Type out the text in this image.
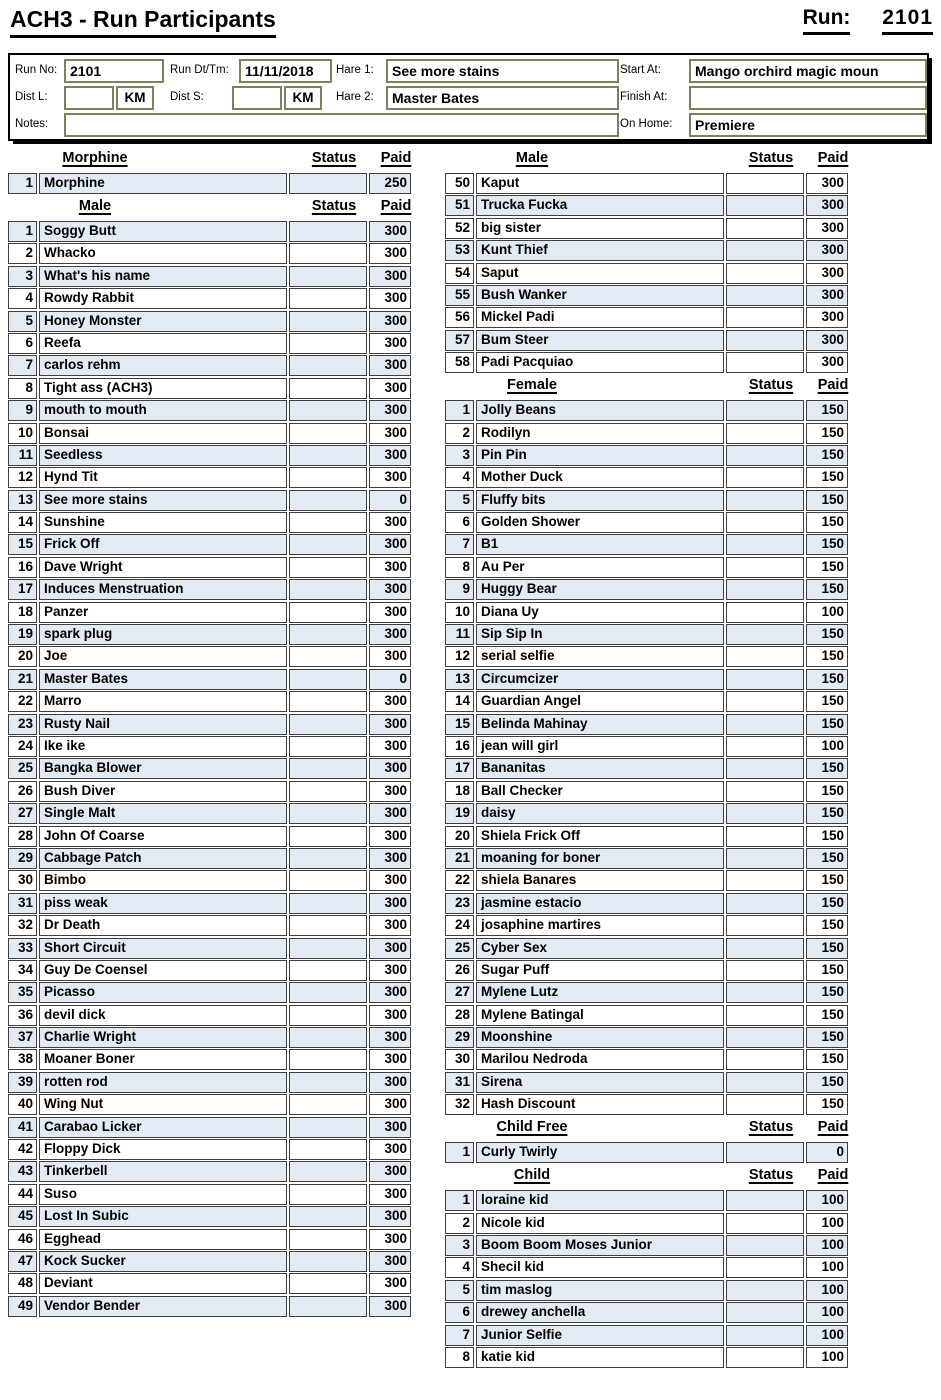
ACH3 - Run Participants	Run: 2101
Run No: 2101	Run Dt/Tm:	11/11/2018	Hare 1:	See more stains	Start At:	Mango orchird magic moun
Dist L:	KM	Dist S:	KM	Hare 2:	Master Bates	Finish At:
Notes:	On Home:	Premiere
Morphine	Status	Paid
1 Morphine	250
Male	Status	Paid
1 Soggy Butt	300
2 Whacko	300
3 What's his name	300
4 Rowdy Rabbit	300
5 Honey Monster	300
6 Reefa	300
7 carlos rehm	300
8 Tight ass (ACH3)	300
9 mouth to mouth	300
10 Bonsai	300
11 Seedless	300
12 Hynd Tit	300
13 See more stains	0
14 Sunshine	300
15 Frick Off	300
16 Dave Wright	300
17 Induces Menstruation	300
18 Panzer	300
19 spark plug	300
20 Joe	300
21 Master Bates	0
22 Marro	300
23 Rusty Nail	300
24 Ike ike	300
25 Bangka Blower	300
26 Bush Diver	300
27 Single Malt	300
28 John Of Coarse	300
29 Cabbage Patch	300
30 Bimbo	300
31 piss weak	300
32 Dr Death	300
33 Short Circuit	300
34 Guy De Coensel	300
35 Picasso	300
36 devil dick	300
37 Charlie Wright	300
38 Moaner Boner	300
39 rotten rod	300
40 Wing Nut	300
41 Carabao Licker	300
42 Floppy Dick	300
43 Tinkerbell	300
44 Suso	300
45 Lost In Subic	300
46 Egghead	300
47 Kock Sucker	300
48 Deviant	300
49 Vendor Bender	300
Male	Status	Paid
50 Kaput	300
51 Trucka Fucka	300
52 big sister	300
53 Kunt Thief	300
54 Saput	300
55 Bush Wanker	300
56 Mickel Padi	300
57 Bum Steer	300
58 Padi Pacquiao	300
Female	Status	Paid
1 Jolly Beans	150
2 Rodilyn	150
3 Pin Pin	150
4 Mother Duck	150
5 Fluffy bits	150
6 Golden Shower	150
7 B1	150
8 Au Per	150
9 Huggy Bear	150
10 Diana Uy	100
11 Sip Sip In	150
12 serial selfie	150
13 Circumcizer	150
14 Guardian Angel	150
15 Belinda Mahinay	150
16 jean will girl	100
17 Bananitas	150
18 Ball Checker	150
19 daisy	150
20 Shiela Frick Off	150
21 moaning for boner	150
22 shiela Banares	150
23 jasmine estacio	150
24 josaphine martires	150
25 Cyber Sex	150
26 Sugar Puff	150
27 Mylene Lutz	150
28 Mylene Batingal	150
29 Moonshine	150
30 Marilou Nedroda	150
31 Sirena	150
32 Hash Discount	150
Child Free	Status	Paid
1 Curly Twirly	0
Child	Status	Paid
1 loraine kid	100
2 Nicole kid	100
3 Boom Boom Moses Junior	100
4 Shecil kid	100
5 tim maslog	100
6 drewey anchella	100
7 Junior Selfie	100
8 katie kid	100
